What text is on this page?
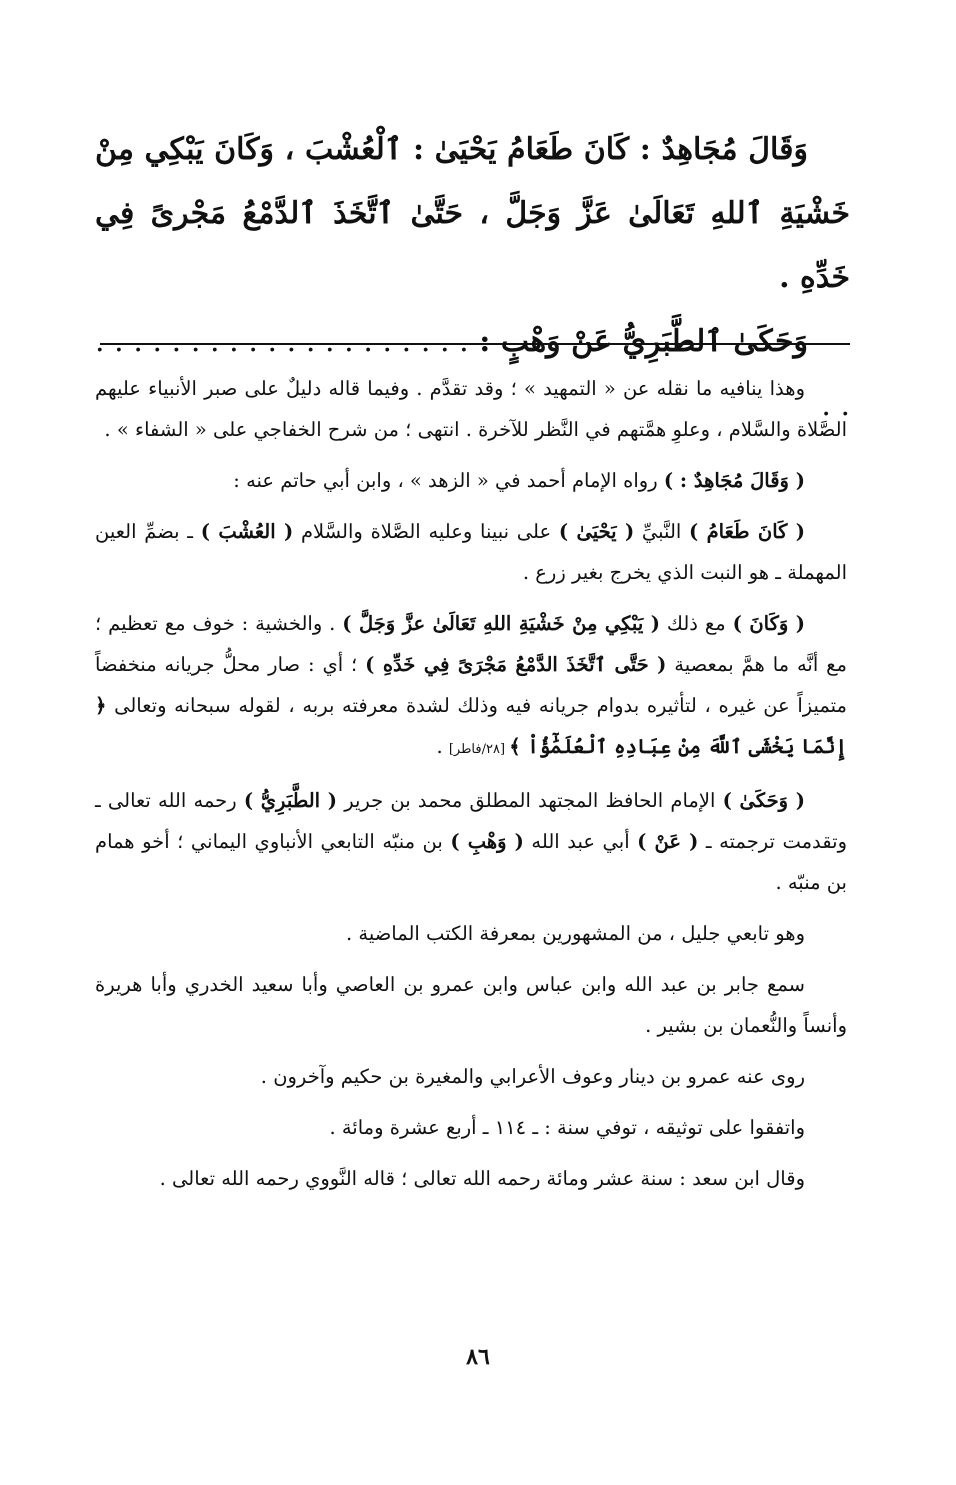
وَقَالَ مُجَاهِدٌ : كَانَ طَعَامُ يَحْيَىٰ : ٱلْعُشْبَ ، وَكَانَ يَبْكِي مِنْ خَشْيَةِ ٱللهِ تَعَالَىٰ عَزَّ وَجَلَّ ، حَتَّىٰ ٱتَّخَذَ ٱلدَّمْعُ مَجْرىً فِي خَدِّهِ .

وَحَكَىٰ ٱلطَّبَرِيُّ عَنْ وَهْبٍ : . . . . . . . . . . . . . . . . . . . . . .

وهذا ينافيه ما نقله عن « التمهيد » ؛ وقد تقدَّم . وفيما قاله دليلٌ على صبر الأنبياء عليهم الصَّلاة والسَّلام ، وعلوِ همَّتهم في النَّظر للآخرة . انتهى ؛ من شرح الخفاجي على « الشفاء » .

( وَقَالَ مُجَاهِدٌ : ) رواه الإمام أحمد في « الزهد » ، وابن أبي حاتم عنه :

( كَانَ طَعَامُ ) النَّبيِّ ( يَحْيَىٰ ) على نبينا وعليه الصَّلاة والسَّلام ( العُشْبَ ) ـ بضمِّ العين المهملة ـ هو النبت الذي يخرج بغير زرع .

( وَكَانَ ) مع ذلك ( يَبْكِي مِنْ خَشْيَةِ اللهِ تَعَالَىٰ عزَّ وَجَلَّ ) . والخشية : خوف مع تعظيم ؛ مع أنَّه ما همَّ بمعصية ( حَتَّى ٱتَّخَذَ الدَّمْعُ مَجْرَىً فِي خَدِّهِ ) ؛ أي : صار محلُّ جريانه منخفضاً متميزاً عن غيره ، لتأثيره بدوام جريانه فيه وذلك لشدة معرفته بربه ، لقوله سبحانه وتعالى ﴿ إِنَّمَا يَخْشَى ٱللَّهَ مِنْ عِبَادِهِ ٱلْعُلَمَٰٓؤُاْ ﴾ [٢٨/فاطر] .

( وَحَكَىٰ ) الإمام الحافظ المجتهد المطلق محمد بن جرير ( الطَّبَرِيُّ ) رحمه الله تعالى ـ وتقدمت ترجمته ـ ( عَنْ ) أبي عبد الله ( وَهْبِ ) بن منبّه التابعي الأنباوي اليماني ؛ أخو همام بن منبّه .

وهو تابعي جليل ، من المشهورين بمعرفة الكتب الماضية .

سمع جابر بن عبد الله وابن عباس وابن عمرو بن العاصي وأبا سعيد الخدري وأبا هريرة وأنساً والنُّعمان بن بشير .

روى عنه عمرو بن دينار وعوف الأعرابي والمغيرة بن حكيم وآخرون .

واتفقوا على توثيقه ، توفي سنة : ـ ١١٤ ـ أربع عشرة ومائة .

وقال ابن سعد : سنة عشر ومائة رحمه الله تعالى ؛ قاله النَّووي رحمه الله تعالى .

٨٦
